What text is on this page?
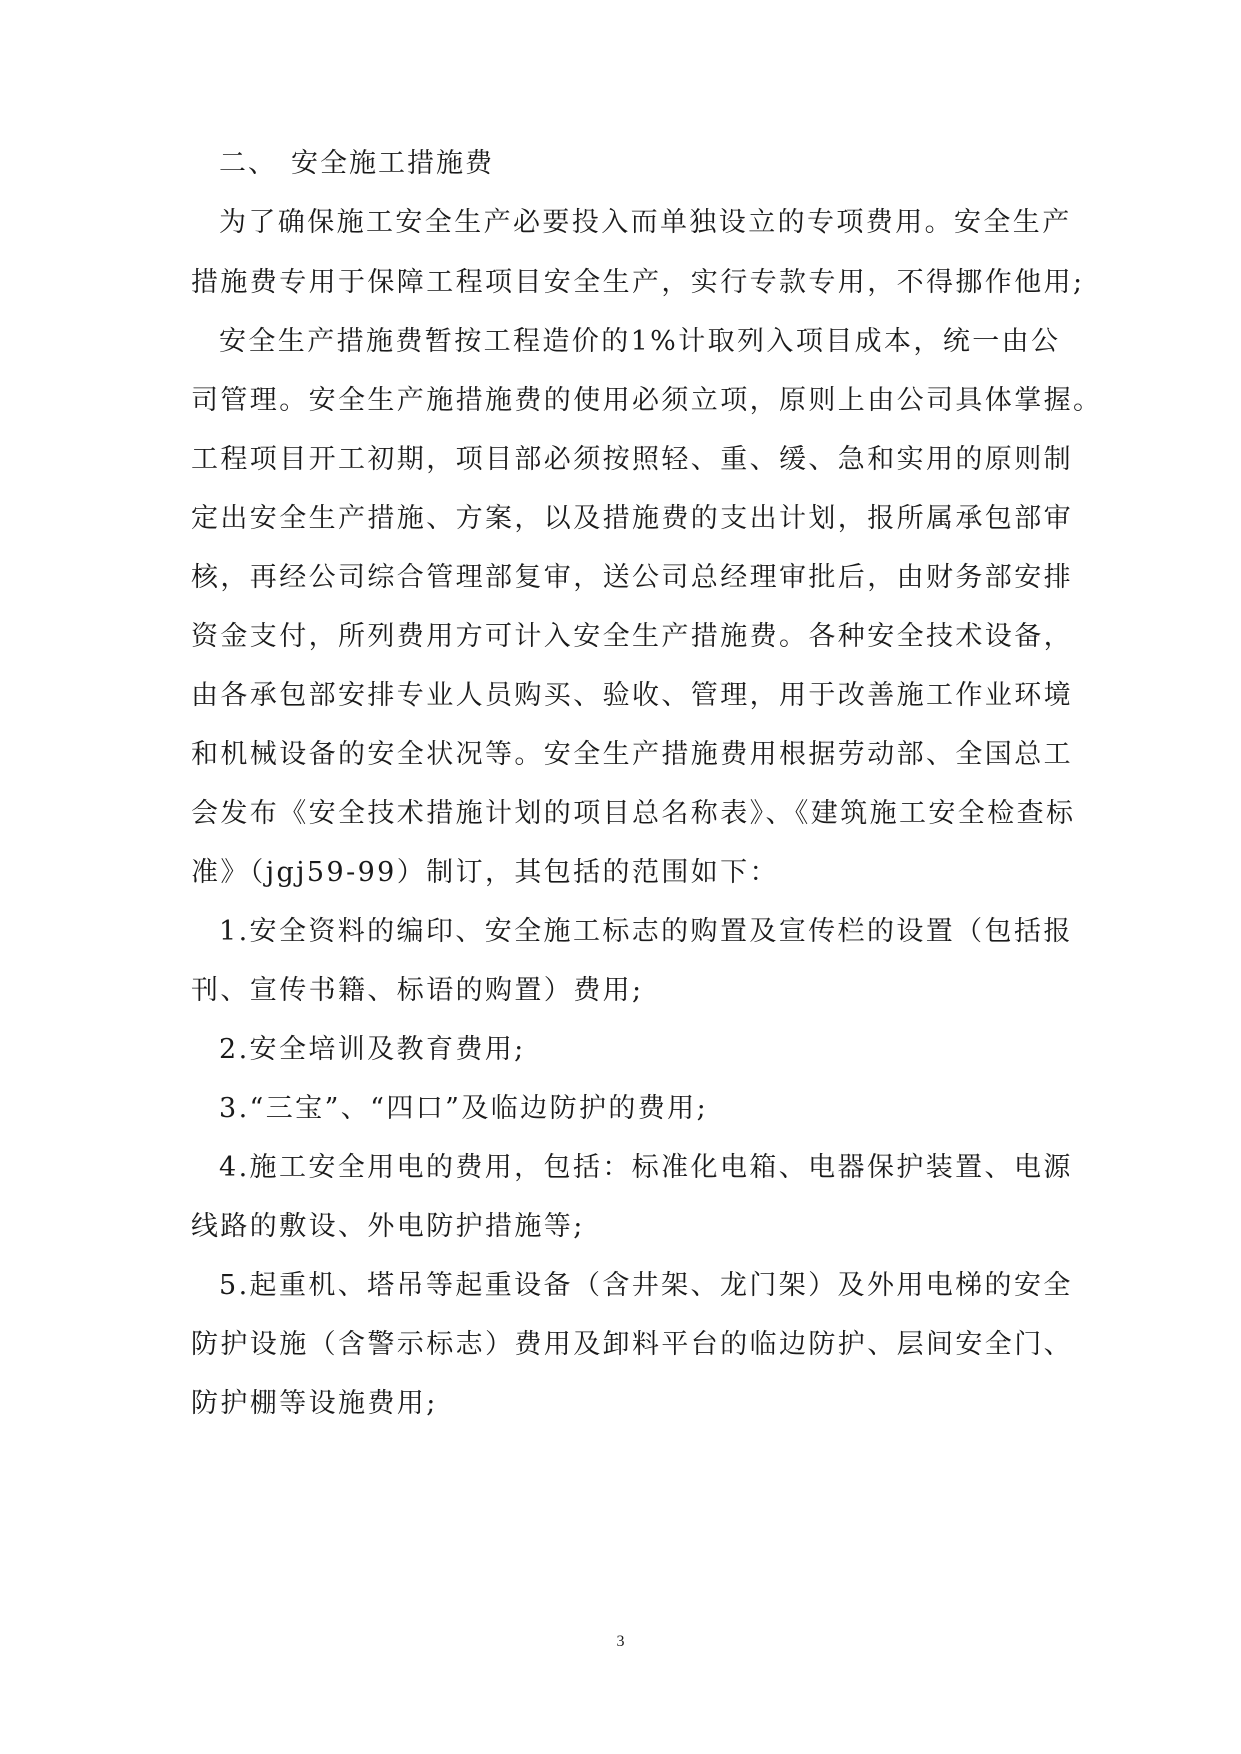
二、 安全施工措施费
为了确保施工安全生产必要投入而单独设立的专项费用。安全生产
措施费专用于保障工程项目安全生产，实行专款专用，不得挪作他用;
安全生产措施费暂按工程造价的1%计取列入项目成本，统一由公
司管理。安全生产施措施费的使用必须立项，原则上由公司具体掌握。
工程项目开工初期，项目部必须按照轻、重、缓、急和实用的原则制
定出安全生产措施、方案，以及措施费的支出计划，报所属承包部审
核，再经公司综合管理部复审，送公司总经理审批后，由财务部安排
资金支付，所列费用方可计入安全生产措施费。各种安全技术设备，
由各承包部安排专业人员购买、验收、管理，用于改善施工作业环境
和机械设备的安全状况等。安全生产措施费用根据劳动部、全国总工
会发布《安全技术措施计划的项目总名称表》、《建筑施工安全检查标
准》（jgj59-99）制订，其包括的范围如下：
1.安全资料的编印、安全施工标志的购置及宣传栏的设置（包括报
刊、宣传书籍、标语的购置）费用;
2.安全培训及教育费用;
3.“三宝”、“四口”及临边防护的费用;
4.施工安全用电的费用，包括：标准化电箱、电器保护装置、电源
线路的敷设、外电防护措施等;
5.起重机、塔吊等起重设备（含井架、龙门架）及外用电梯的安全
防护设施（含警示标志）费用及卸料平台的临边防护、层间安全门、
防护棚等设施费用;
3
